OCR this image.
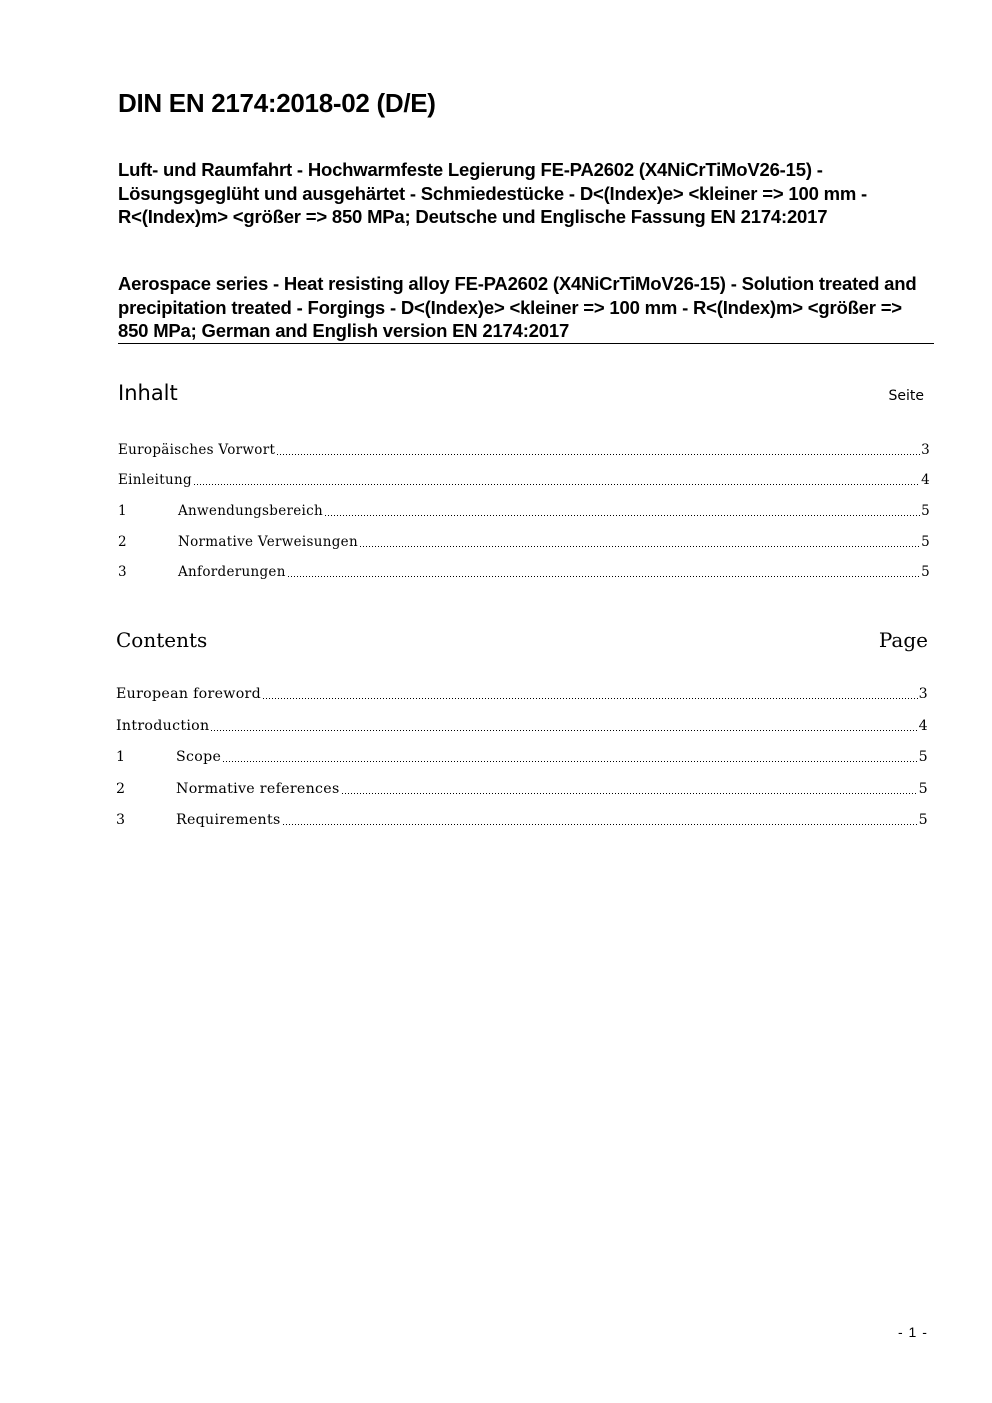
DIN EN 2174:2018-02 (D/E)
Luft- und Raumfahrt - Hochwarmfeste Legierung FE-PA2602 (X4NiCrTiMoV26-15) - Lösungsgeglüht und ausgehärtet - Schmiedestücke - D<(Index)e> <kleiner => 100 mm - R<(Index)m> <größer => 850 MPa; Deutsche und Englische Fassung EN 2174:2017
Aerospace series - Heat resisting alloy FE-PA2602 (X4NiCrTiMoV26-15) - Solution treated and precipitation treated - Forgings - D<(Index)e> <kleiner => 100 mm - R<(Index)m> <größer => 850 MPa; German and English version EN 2174:2017
Inhalt	Seite
Europäisches Vorwort	3
Einleitung	4
1	Anwendungsbereich	5
2	Normative Verweisungen	5
3	Anforderungen	5
Contents	Page
European foreword	3
Introduction	4
1	Scope	5
2	Normative references	5
3	Requirements	5
- 1 -
